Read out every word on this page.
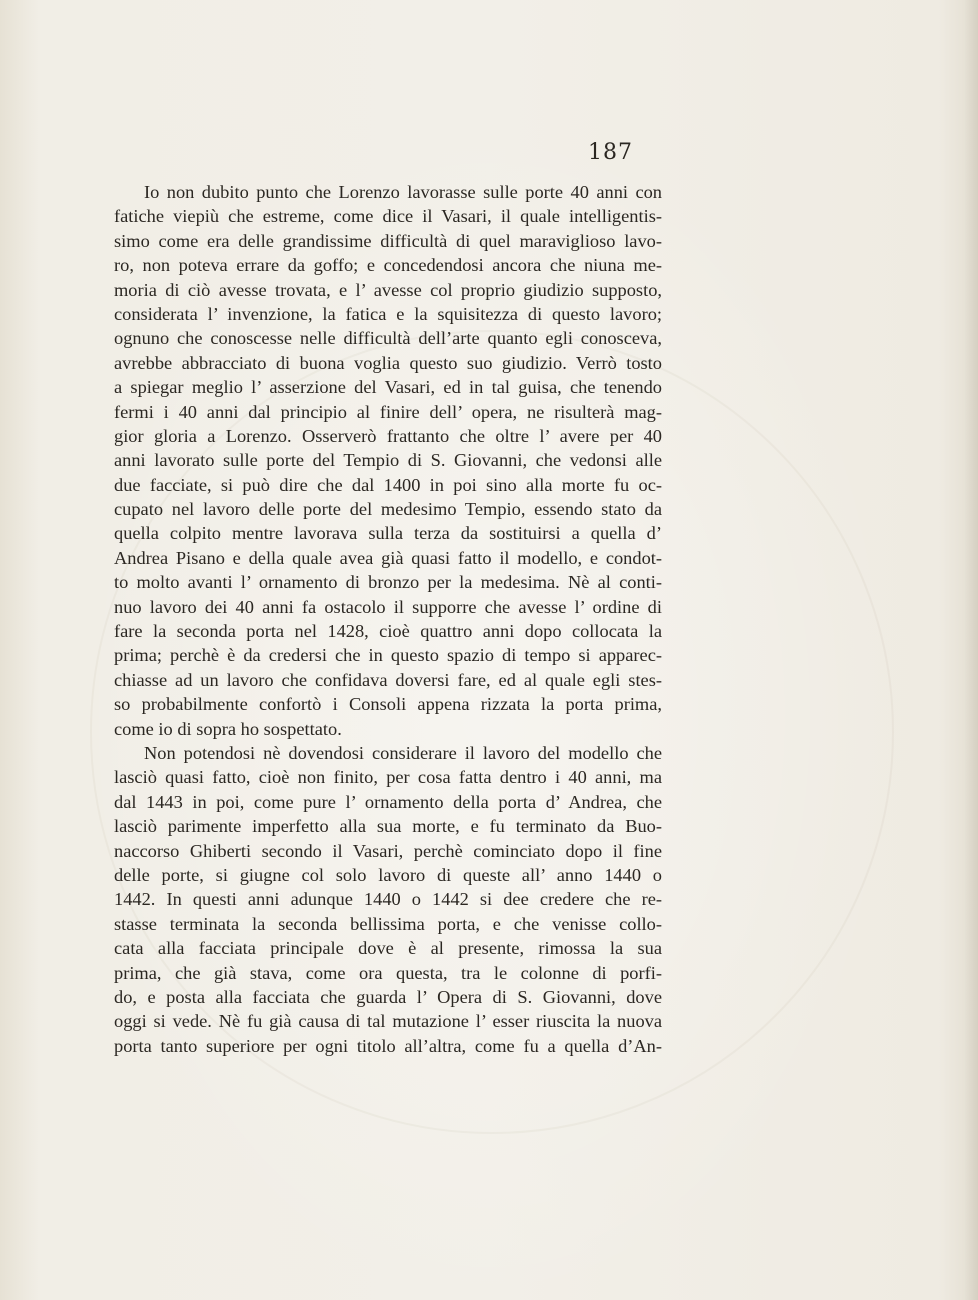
187
Io non dubito punto che Lorenzo lavorasse sulle porte 40 anni con
fatiche viepiù che estreme, come dice il Vasari, il quale intelligentis-
simo come era delle grandissime difficultà di quel maraviglioso lavo-
ro, non poteva errare da goffo; e concedendosi ancora che niuna me-
moria di ciò avesse trovata, e l’ avesse col proprio giudizio supposto,
considerata l’ invenzione, la fatica e la squisitezza di questo lavoro;
ognuno che conoscesse nelle difficultà dell’arte quanto egli conosceva,
avrebbe abbracciato di buona voglia questo suo giudizio. Verrò tosto
a spiegar meglio l’ asserzione del Vasari, ed in tal guisa, che tenendo
fermi i 40 anni dal principio al finire dell’ opera, ne risulterà mag-
gior gloria a Lorenzo. Osserverò frattanto che oltre l’ avere per 40
anni lavorato sulle porte del Tempio di S. Giovanni, che vedonsi alle
due facciate, si può dire che dal 1400 in poi sino alla morte fu oc-
cupato nel lavoro delle porte del medesimo Tempio, essendo stato da
quella colpito mentre lavorava sulla terza da sostituirsi a quella d’
Andrea Pisano e della quale avea già quasi fatto il modello, e condot-
to molto avanti l’ ornamento di bronzo per la medesima. Nè al conti-
nuo lavoro dei 40 anni fa ostacolo il supporre che avesse l’ ordine di
fare la seconda porta nel 1428, cioè quattro anni dopo collocata la
prima; perchè è da credersi che in questo spazio di tempo si apparec-
chiasse ad un lavoro che confidava doversi fare, ed al quale egli stes-
so probabilmente confortò i Consoli appena rizzata la porta prima,
come io di sopra ho sospettato.
Non potendosi nè dovendosi considerare il lavoro del modello che
lasciò quasi fatto, cioè non finito, per cosa fatta dentro i 40 anni, ma
dal 1443 in poi, come pure l’ ornamento della porta d’ Andrea, che
lasciò parimente imperfetto alla sua morte, e fu terminato da Buo-
naccorso Ghiberti secondo il Vasari, perchè cominciato dopo il fine
delle porte, si giugne col solo lavoro di queste all’ anno 1440 o
1442. In questi anni adunque 1440 o 1442 si dee credere che re-
stasse terminata la seconda bellissima porta, e che venisse collo-
cata alla facciata principale dove è al presente, rimossa la sua
prima, che già stava, come ora questa, tra le colonne di porfi-
do, e posta alla facciata che guarda l’ Opera di S. Giovanni, dove
oggi si vede. Nè fu già causa di tal mutazione l’ esser riuscita la nuova
porta tanto superiore per ogni titolo all’altra, come fu a quella d’An-
